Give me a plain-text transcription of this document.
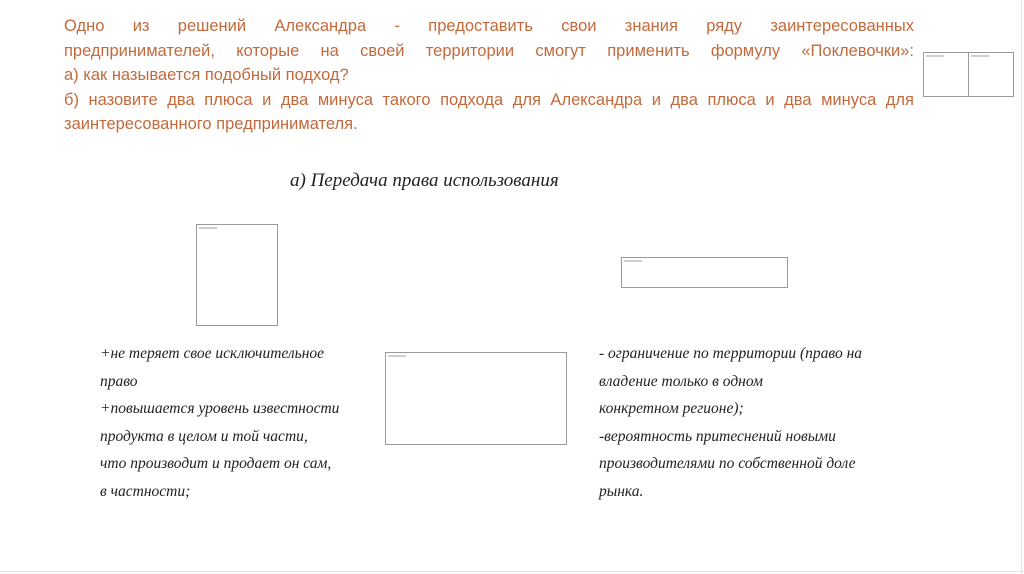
Одно из решений Александра - предоставить свои знания ряду заинтересованных
предпринимателей, которые на своей территории смогут применить формулу «Поклевочки»:
а) как называется подобный подход?
б) назовите два плюса и два минуса такого подхода для Александра и два плюса и два минуса для
заинтересованного предпринимателя.
а) Передача права использования
+не теряет свое исключительное
право
+повышается уровень известности
продукта в целом и той части,
что производит и продает он сам,
в частности;
- ограничение по территории (право на
владение только в одном
конкретном регионе);
-вероятность притеснений новыми
производителями по собственной доле
рынка.
